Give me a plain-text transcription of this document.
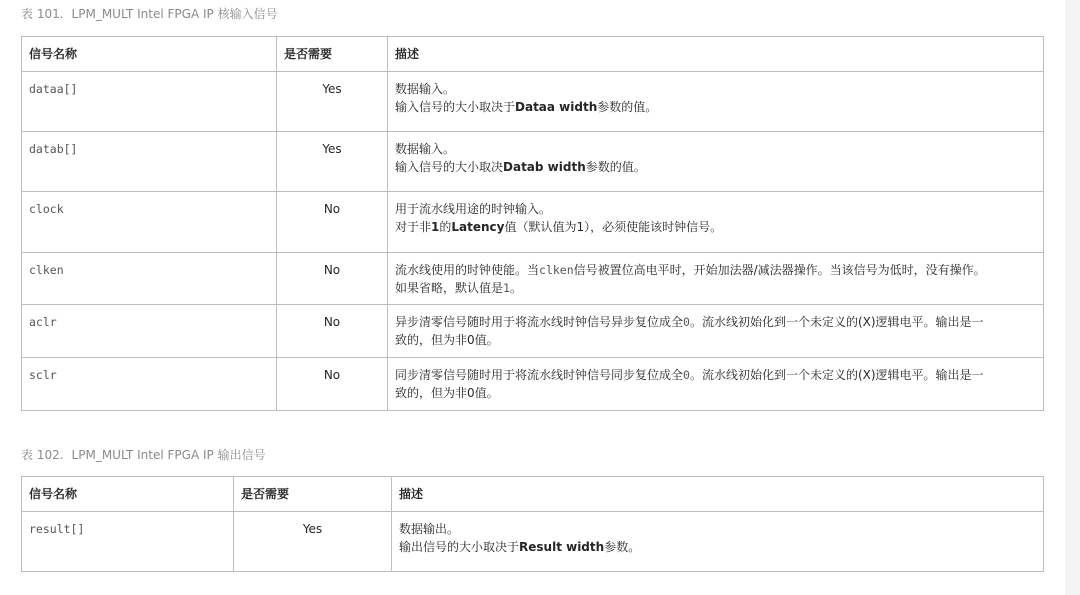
表 101. LPM_MULT Intel FPGA IP 核输入信号
信号名称	是否需要	描述
dataa[]	Yes	数据输入。
输入信号的大小取决于Dataa width参数的值。

datab[]	Yes	数据输入。
输入信号的大小取决Datab width参数的值。

clock	No	用于流水线用途的时钟输入。
对于非1的Latency值（默认值为1），必须使能该时钟信号。

clken	No	流水线使用的时钟使能。当clken信号被置位高电平时，开始加法器/减法器操作。当该信号为低时，没有操作。
如果省略，默认值是1。

aclr	No	异步清零信号随时用于将流水线时钟信号异步复位成全0。流水线初始化到一个未定义的(X)逻辑电平。输出是一
致的，但为非0值。

sclr	No	同步清零信号随时用于将流水线时钟信号同步复位成全0。流水线初始化到一个未定义的(X)逻辑电平。输出是一
致的，但为非0值。
表 102. LPM_MULT Intel FPGA IP 输出信号
信号名称	是否需要	描述
result[]	Yes	数据输出。
输出信号的大小取决于Result width参数。
